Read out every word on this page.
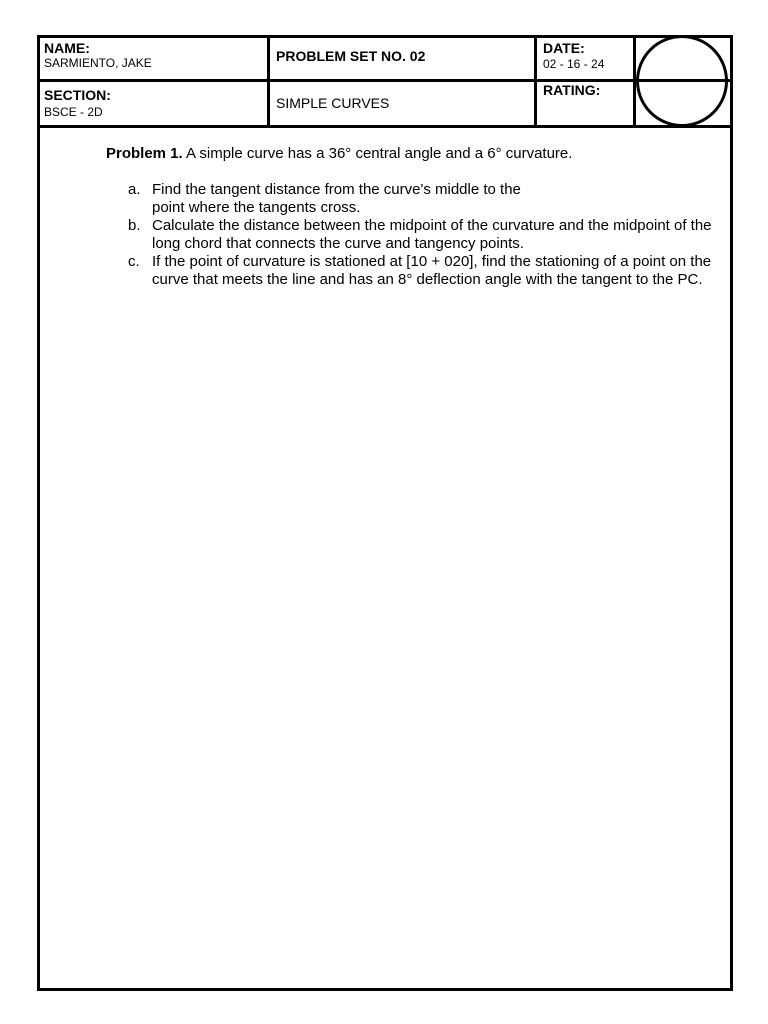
NAME:
SARMIENTO, JAKE	PROBLEM SET NO. 02	DATE:
02 - 16 - 24
SECTION:
BSCE - 2D
SIMPLE CURVES
RATING:
Problem 1. A simple curve has a 36° central angle and a 6° curvature.
a. Find the tangent distance from the curve's middle to the
point where the tangents cross.
b. Calculate the distance between the midpoint of the curvature and the midpoint of the
long chord that connects the curve and tangency points.
c. If the point of curvature is stationed at [10 + 020], find the stationing of a point on the
curve that meets the line and has an 8° deflection angle with the tangent to the PC.
